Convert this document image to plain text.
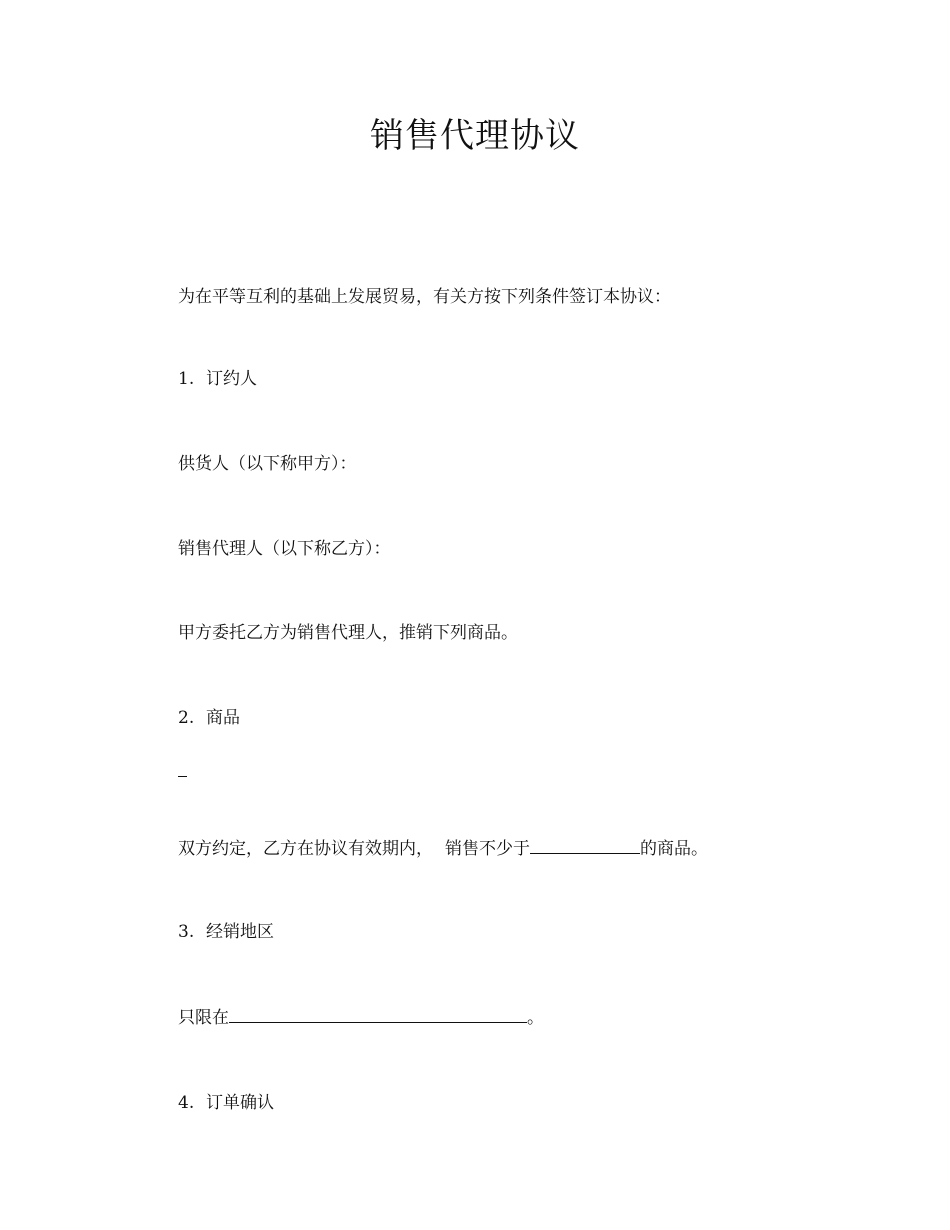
销售代理协议

为在平等互利的基础上发展贸易，有关方按下列条件签订本协议：

1. 订约人

供货人（以下称甲方）：

销售代理人（以下称乙方）：

甲方委托乙方为销售代理人，推销下列商品。

2. 商品

双方约定，乙方在协议有效期内， 销售不少于	的商品。

3. 经销地区

只限在	。

4. 订单确认
